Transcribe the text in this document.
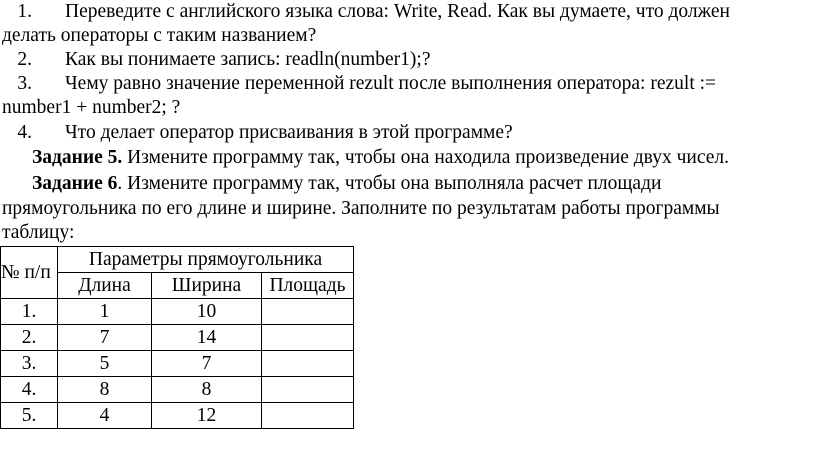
1. Переведите с английского языка слова: Write, Read. Как вы думаете, что должен
делать операторы с таким названием?
2. Как вы понимаете запись: readln(number1);?
3. Чему равно значение переменной rezult после выполнения оператора: rezult :=
number1 + number2; ?
4. Что делает оператор присваивания в этой программе?
Задание 5. Измените программу так, чтобы она находила произведение двух чисел.
Задание 6. Измените программу так, чтобы она выполняла расчет площади
прямоугольника по его длине и ширине. Заполните по результатам работы программы
таблицу:
№ п/п	Параметры прямоугольника		
	Длина	Ширина	Площадь
1.	1	10	
2.	7	14	
3.	5	7	
4.	8	8	
5.	4	12	
